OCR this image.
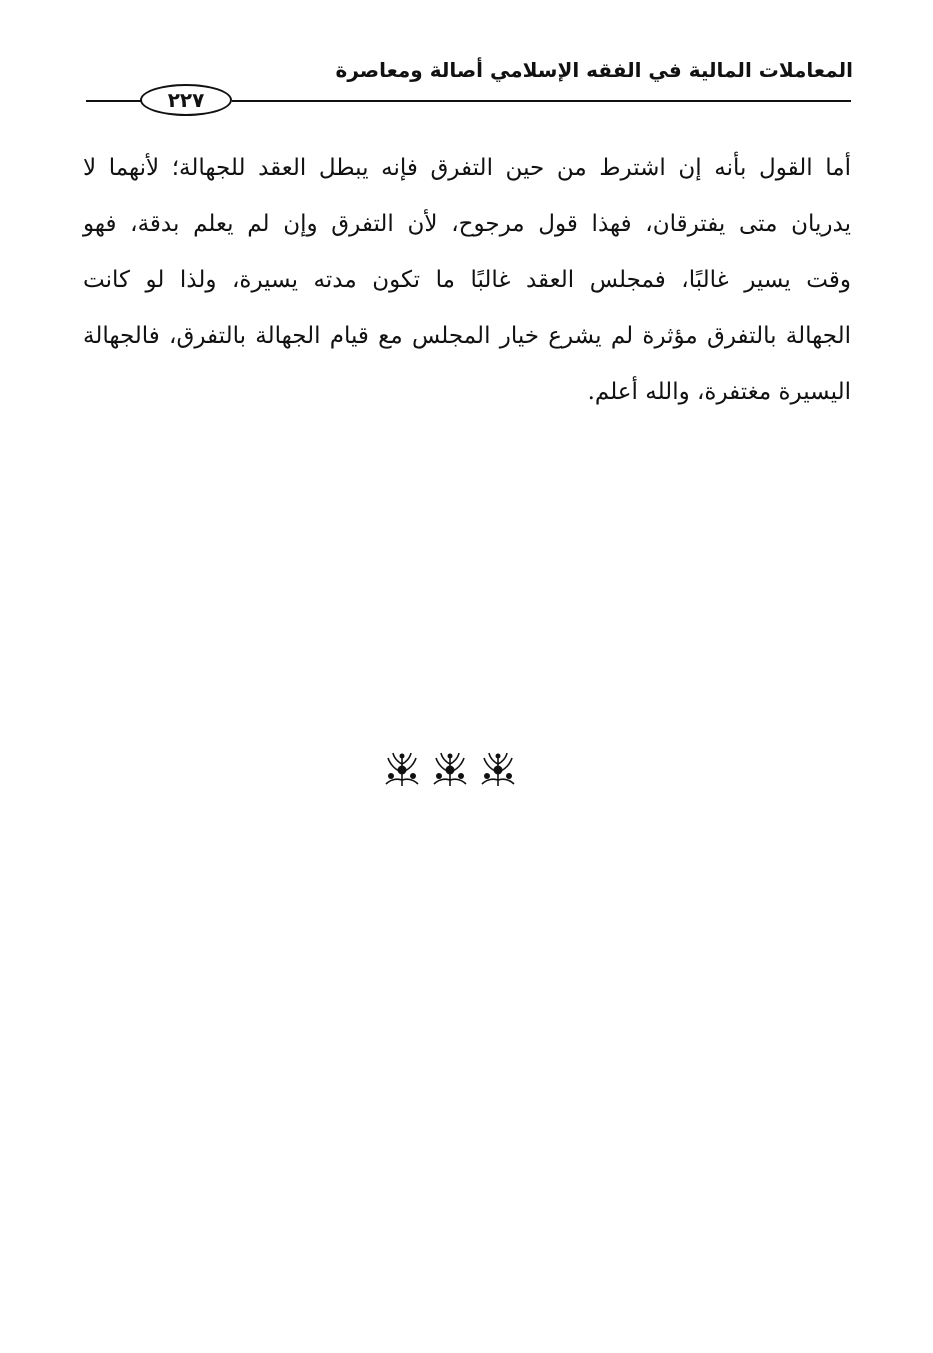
المعاملات المالية في الفقه الإسلامي أصالة ومعاصرة
٢٢٧

أما القول بأنه إن اشترط من حين التفرق فإنه يبطل العقد للجهالة؛ لأنهما لا
يدريان متى يفترقان، فهذا قول مرجوح، لأن التفرق وإن لم يعلم بدقة، فهو
وقت يسير غالبًا، فمجلس العقد غالبًا ما تكون مدته يسيرة، ولذا لو كانت
الجهالة بالتفرق مؤثرة لم يشرع خيار المجلس مع قيام الجهالة بالتفرق، فالجهالة
اليسيرة مغتفرة، والله أعلم.
